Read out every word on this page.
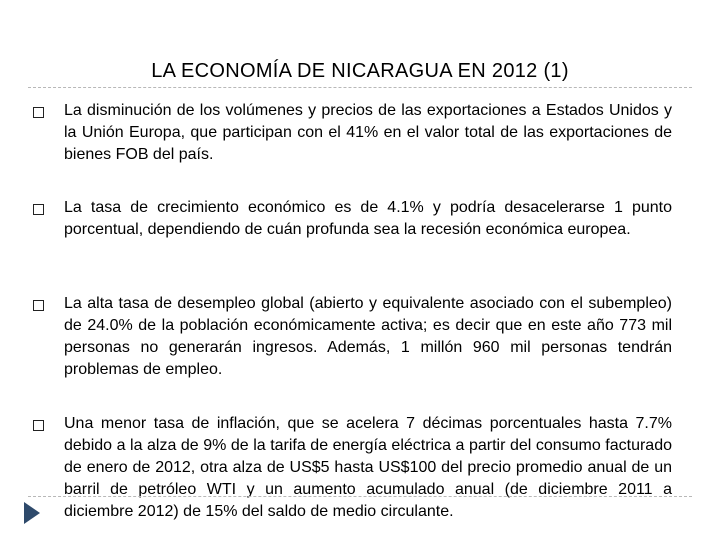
LA ECONOMÍA DE NICARAGUA EN 2012 (1)
La disminución de los volúmenes y precios de las exportaciones a Estados Unidos y la Unión Europa, que participan con el 41% en el valor total de las exportaciones de bienes FOB del país.
La tasa de crecimiento económico es de 4.1% y podría desacelerarse 1 punto porcentual, dependiendo de cuán profunda sea la recesión económica europea.
La alta tasa de desempleo global (abierto y equivalente asociado con el subempleo) de 24.0% de la población económicamente activa; es decir que en este año 773 mil personas no generarán ingresos. Además, 1 millón 960 mil personas tendrán problemas de empleo.
Una menor tasa de inflación, que se acelera 7 décimas porcentuales hasta 7.7% debido a la alza de 9% de la tarifa de energía eléctrica a partir del consumo facturado de enero de 2012, otra alza de US$5 hasta US$100 del precio promedio anual de un barril de petróleo WTI y un aumento acumulado anual (de diciembre 2011 a diciembre 2012) de 15% del saldo de medio circulante.
